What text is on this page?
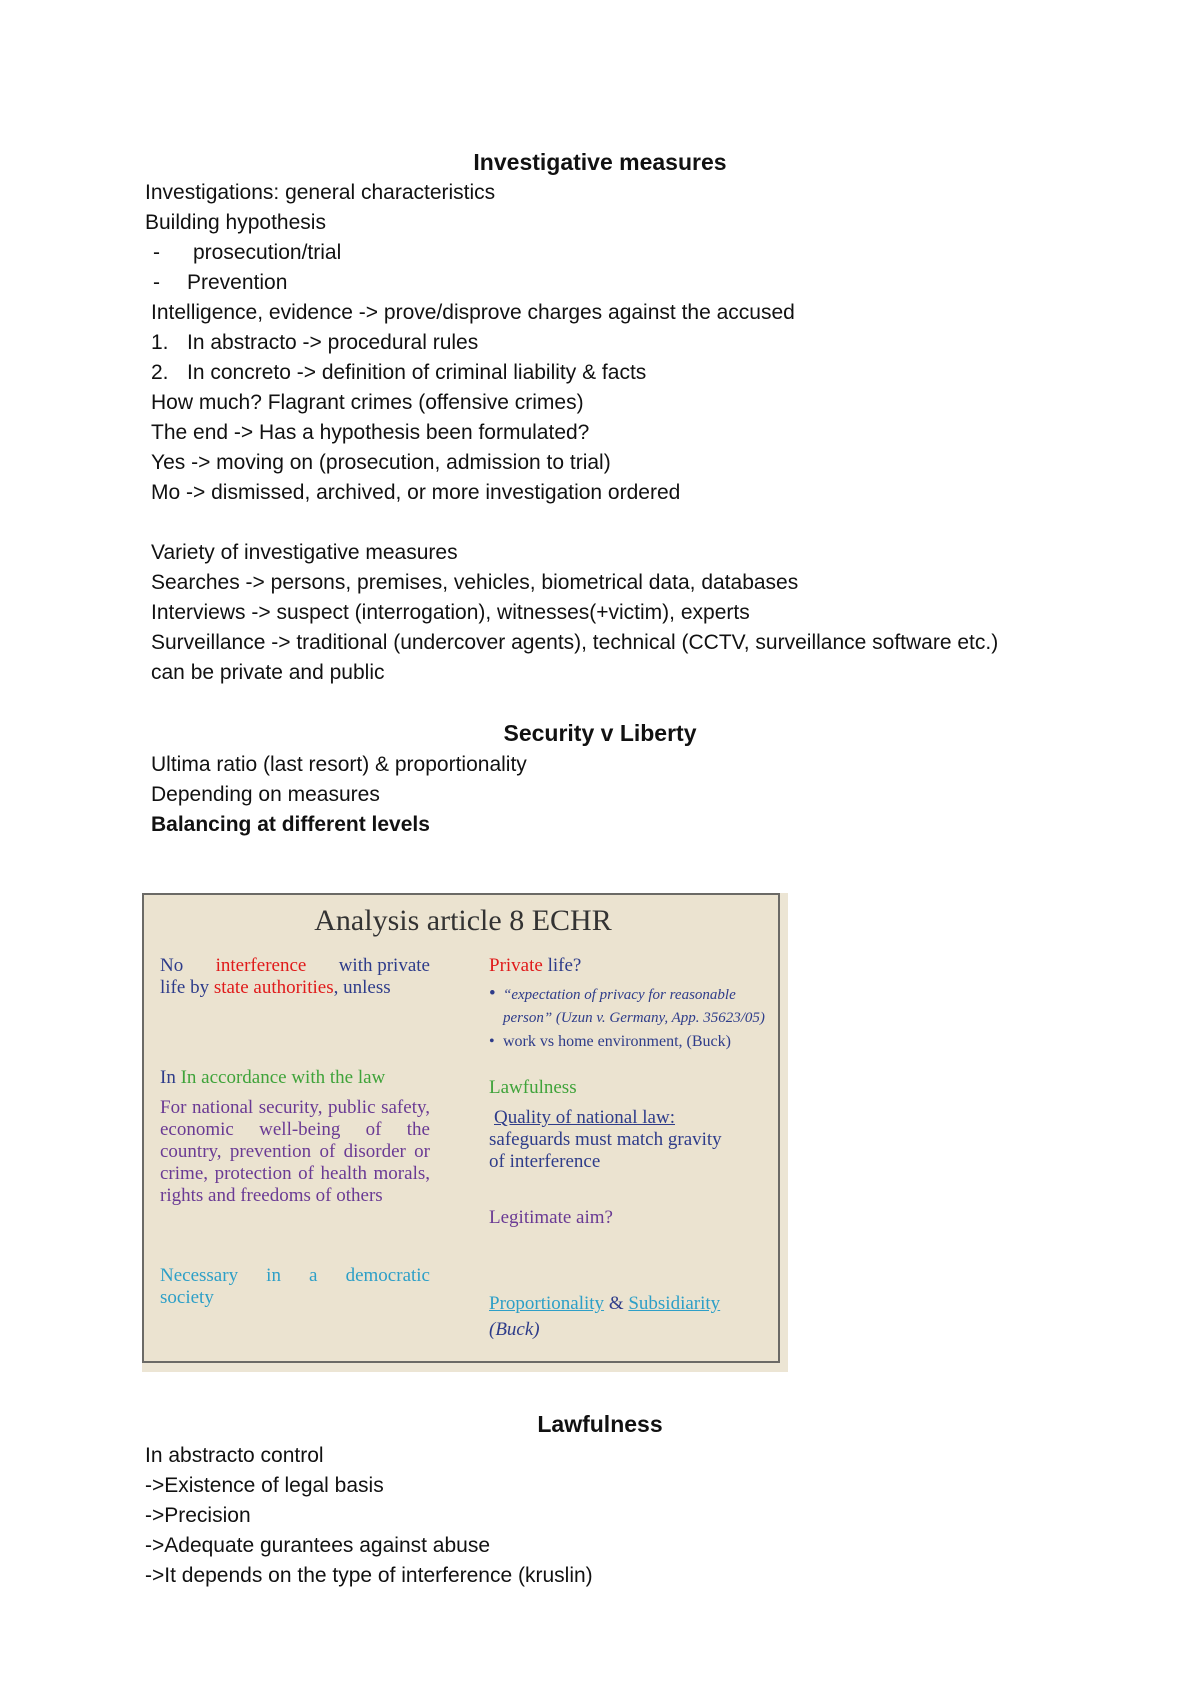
Investigative measures
Investigations: general characteristics
Building hypothesis
- prosecution/trial
- Prevention
Intelligence, evidence -> prove/disprove charges against the accused
1. In abstracto -> procedural rules
2. In concreto -> definition of criminal liability & facts
How much? Flagrant crimes (offensive crimes)
The end -> Has a hypothesis been formulated?
Yes -> moving on (prosecution, admission to trial)
Mo -> dismissed, archived, or more investigation ordered
Variety of investigative measures
Searches -> persons, premises, vehicles, biometrical data, databases
Interviews -> suspect (interrogation), witnesses(+victim), experts
Surveillance -> traditional (undercover agents), technical (CCTV, surveillance software etc.)
can be private and public
Security v Liberty
Ultima ratio (last resort) & proportionality
Depending on measures
Balancing at different levels
Analysis article 8 ECHR
No interference with private
life by state authorities, unless
In In accordance with the law
For national security, public safety, economic well-being of the country, prevention of disorder or crime, protection of health morals, rights and freedoms of others
Necessary in a democratic
society
Private life?
• “expectation of privacy for reasonable
person” (Uzun v. Germany, App. 35623/05)
• work vs home environment, (Buck)
Lawfulness
Quality of national law:
safeguards must match gravity
of interference
Legitimate aim?
Proportionality & Subsidiarity
(Buck)
Lawfulness
In abstracto control
->Existence of legal basis
->Precision
->Adequate gurantees against abuse
->It depends on the type of interference (kruslin)
